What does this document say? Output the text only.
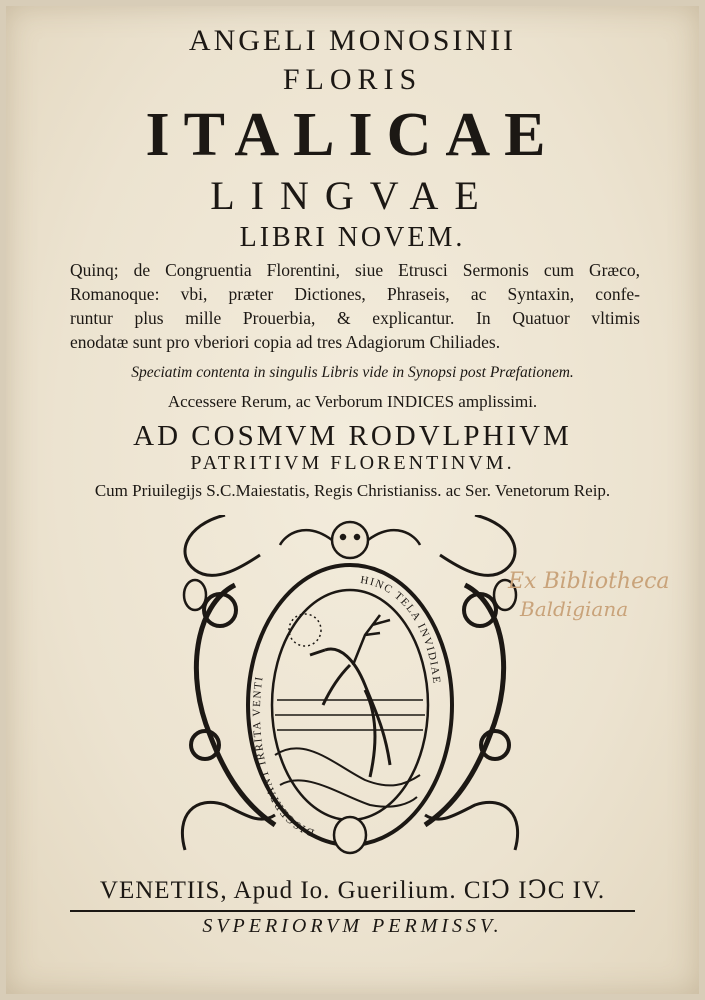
ANGELI MONOSINII
FLORIS
ITALICAE
LINGVAE
LIBRI NOVEM.
Quinq; de Congruentia Florentini, siue Etrusci Sermonis cum Græco,
Romanoque: vbi, præter Dictiones, Phraseis, ac Syntaxin, confe-
runtur plus mille Prouerbia, & explicantur. In Quatuor vltimis
enodatæ sunt pro vberiori copia ad tres Adagiorum Chiliades.
Speciatim contenta in singulis Libris vide in Synopsi post Præfationem.
Accessere Rerum, ac Verborum INDICES amplissimi.
AD COSMVM RODVLPHIVM
PATRITIVM FLORENTINVM.
Cum Priuilegijs S.C.Maiestatis, Regis Christianiss. ac Ser. Venetorum Reip.
DISCERPANT IRRITA VENTI
HINC TELA INVIDIAE
Ex Bibliotheca
Baldigiana
VENETIIS, Apud Io. Guerilium. CIↃ IↃC IV.
SVPERIORVM PERMISSV.
